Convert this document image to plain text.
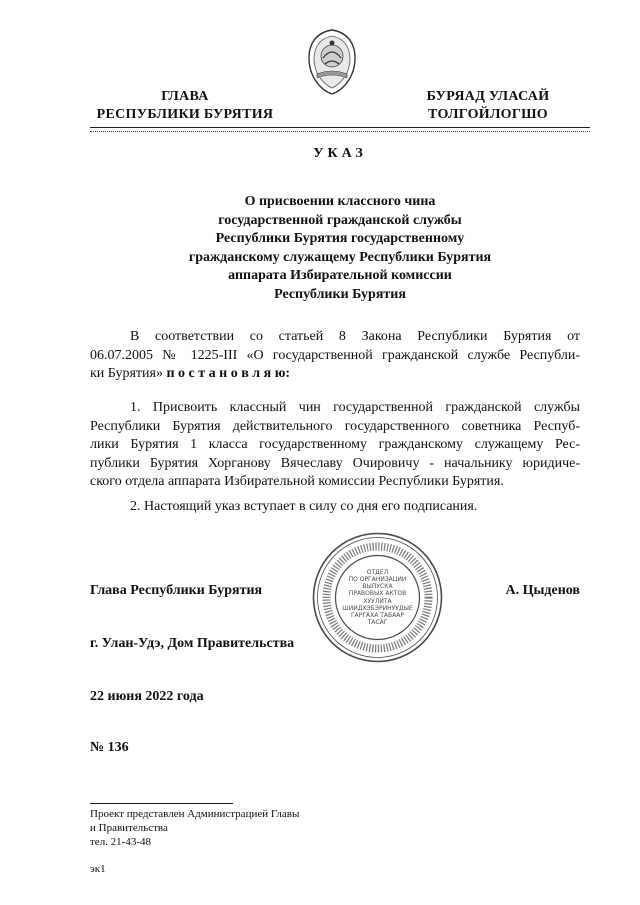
ГЛАВА
РЕСПУБЛИКИ БУРЯТИЯ
БУРЯАД УЛАСАЙ
ТОЛГОЙЛОГШО
УКАЗ
О присвоении классного чина
государственной гражданской службы
Республики Бурятия государственному
гражданскому служащему Республики Бурятия
аппарата Избирательной комиссии
Республики Бурятия
В соответствии со статьей 8 Закона Республики Бурятия от
06.07.2005 № 1225-III «О государственной гражданской службе Республи-
ки Бурятия» п о с т а н о в л я ю:
1. Присвоить классный чин государственной гражданской службы
Республики Бурятия действительного государственного советника Респуб-
лики Бурятия 1 класса государственному гражданскому служащему Рес-
публики Бурятия Хорганову Вячеславу Очировичу - начальнику юридиче-
ского отдела аппарата Избирательной комиссии Республики Бурятия.
2. Настоящий указ вступает в силу со дня его подписания.
ОТДЕЛ
ПО ОРГАНИЗАЦИИ
ВЫПУСКА
ПРАВОВЫХ АКТОВ
ХУУЛИТА
ШИИДХЭБЭРИНУУДЫЕ
ГАРГАХА ТАБААР
ТАСАГ
Глава Республики Бурятия	А. Цыденов
г. Улан-Удэ, Дом Правительства
22 июня 2022 года
№ 136
Проект представлен Администрацией Главы
и Правительства
тел. 21-43-48
эк1
